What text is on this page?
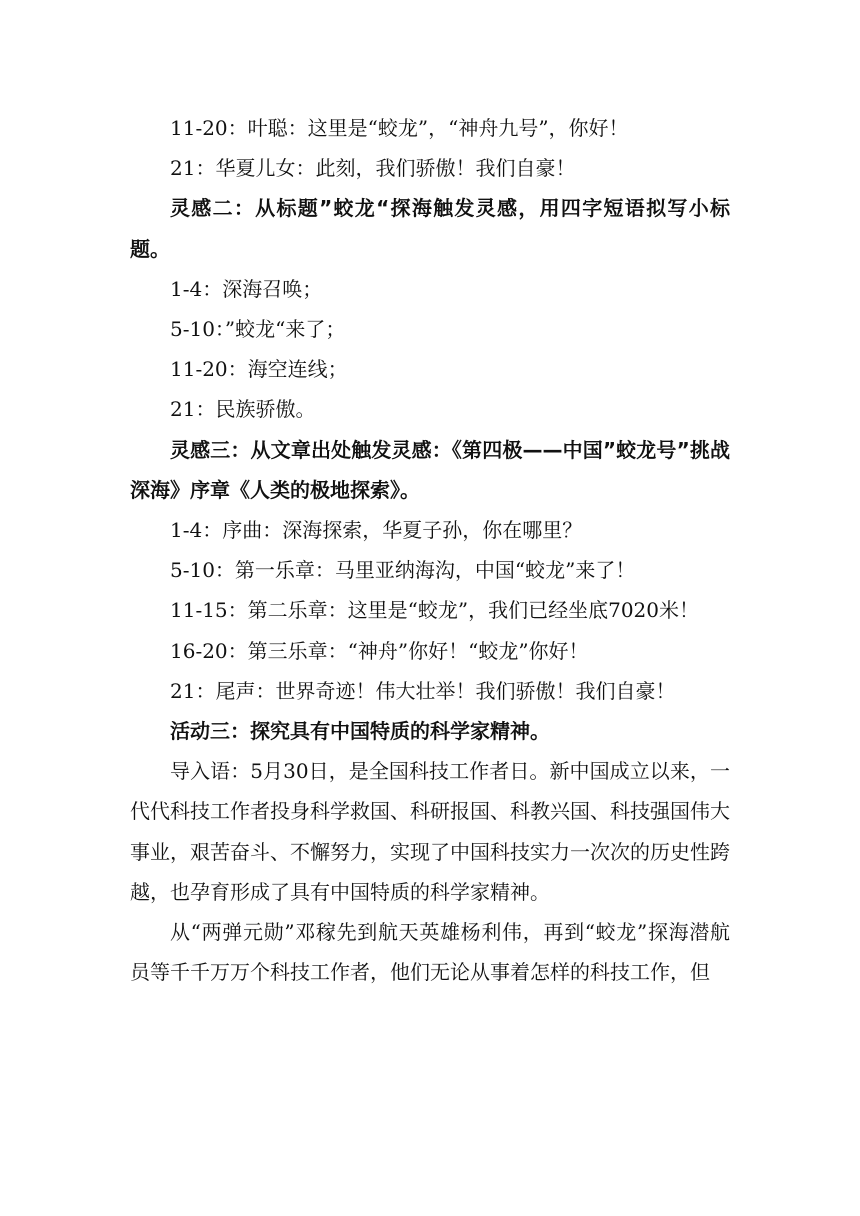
11-20：叶聪：这里是“蛟龙”，“神舟九号”，你好！

21：华夏儿女：此刻，我们骄傲！我们自豪！

灵感二：从标题”蛟龙“探海触发灵感，用四字短语拟写小标题。

1-4：深海召唤；

5-10：”蛟龙“来了；

11-20：海空连线；

21：民族骄傲。

灵感三：从文章出处触发灵感：《第四极——中国”蛟龙号”挑战深海》序章《人类的极地探索》。

1-4：序曲：深海探索，华夏子孙，你在哪里？

5-10：第一乐章：马里亚纳海沟，中国“蛟龙”来了！

11-15：第二乐章：这里是“蛟龙”，我们已经坐底7020米！

16-20：第三乐章：“神舟”你好！“蛟龙”你好！

21：尾声：世界奇迹！伟大壮举！我们骄傲！我们自豪！

活动三：探究具有中国特质的科学家精神。

导入语：5月30日，是全国科技工作者日。新中国成立以来，一代代科技工作者投身科学救国、科研报国、科教兴国、科技强国伟大事业，艰苦奋斗、不懈努力，实现了中国科技实力一次次的历史性跨越，也孕育形成了具有中国特质的科学家精神。

从“两弹元勋”邓稼先到航天英雄杨利伟，再到“蛟龙”探海潜航员等千千万万个科技工作者，他们无论从事着怎样的科技工作，但
